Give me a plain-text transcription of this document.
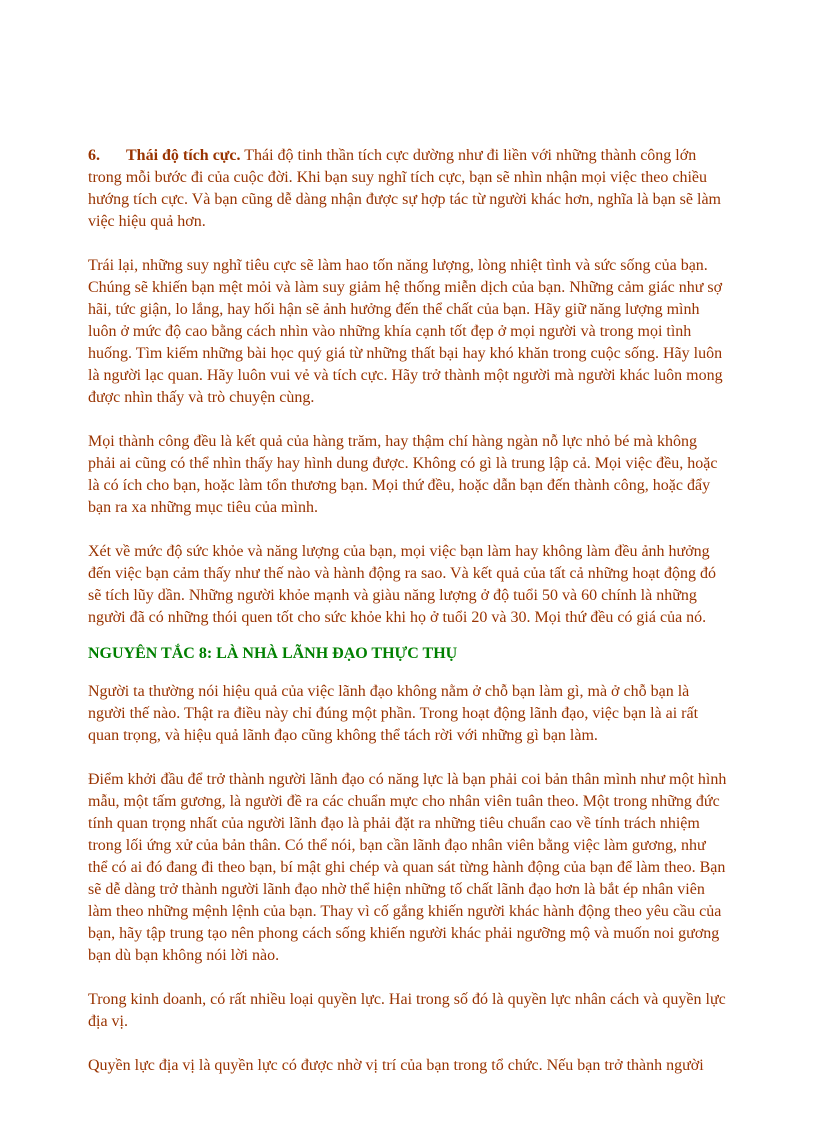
6. Thái độ tích cực. Thái độ tinh thần tích cực dường như đi liền với những thành công lớn trong mỗi bước đi của cuộc đời. Khi bạn suy nghĩ tích cực, bạn sẽ nhìn nhận mọi việc theo chiều hướng tích cực. Và bạn cũng dễ dàng nhận được sự hợp tác từ người khác hơn, nghĩa là bạn sẽ làm việc hiệu quả hơn.

Trái lại, những suy nghĩ tiêu cực sẽ làm hao tốn năng lượng, lòng nhiệt tình và sức sống của bạn. Chúng sẽ khiến bạn mệt mỏi và làm suy giảm hệ thống miễn dịch của bạn. Những cảm giác như sợ hãi, tức giận, lo lắng, hay hối hận sẽ ảnh hưởng đến thể chất của bạn. Hãy giữ năng lượng mình luôn ở mức độ cao bằng cách nhìn vào những khía cạnh tốt đẹp ở mọi người và trong mọi tình huống. Tìm kiếm những bài học quý giá từ những thất bại hay khó khăn trong cuộc sống. Hãy luôn là người lạc quan. Hãy luôn vui vẻ và tích cực. Hãy trở thành một người mà người khác luôn mong được nhìn thấy và trò chuyện cùng.

Mọi thành công đều là kết quả của hàng trăm, hay thậm chí hàng ngàn nỗ lực nhỏ bé mà không phải ai cũng có thể nhìn thấy hay hình dung được. Không có gì là trung lập cả. Mọi việc đều, hoặc là có ích cho bạn, hoặc làm tổn thương bạn. Mọi thứ đều, hoặc dẫn bạn đến thành công, hoặc đẩy bạn ra xa những mục tiêu của mình.

Xét về mức độ sức khỏe và năng lượng của bạn, mọi việc bạn làm hay không làm đều ảnh hưởng đến việc bạn cảm thấy như thế nào và hành động ra sao. Và kết quả của tất cả những hoạt động đó sẽ tích lũy dần. Những người khỏe mạnh và giàu năng lượng ở độ tuổi 50 và 60 chính là những người đã có những thói quen tốt cho sức khỏe khi họ ở tuổi 20 và 30. Mọi thứ đều có giá của nó.

NGUYÊN TẮC 8: LÀ NHÀ LÃNH ĐẠO THỰC THỤ

Người ta thường nói hiệu quả của việc lãnh đạo không nằm ở chỗ bạn làm gì, mà ở chỗ bạn là người thế nào. Thật ra điều này chỉ đúng một phần. Trong hoạt động lãnh đạo, việc bạn là ai rất quan trọng, và hiệu quả lãnh đạo cũng không thể tách rời với những gì bạn làm.

Điểm khởi đầu để trở thành người lãnh đạo có năng lực là bạn phải coi bản thân mình như một hình mẫu, một tấm gương, là người đề ra các chuẩn mực cho nhân viên tuân theo. Một trong những đức tính quan trọng nhất của người lãnh đạo là phải đặt ra những tiêu chuẩn cao về tính trách nhiệm trong lối ứng xử của bản thân. Có thể nói, bạn cần lãnh đạo nhân viên bằng việc làm gương, như thể có ai đó đang đi theo bạn, bí mật ghi chép và quan sát từng hành động của bạn để làm theo. Bạn sẽ dễ dàng trở thành người lãnh đạo nhờ thể hiện những tố chất lãnh đạo hơn là bắt ép nhân viên làm theo những mệnh lệnh của bạn. Thay vì cố gắng khiến người khác hành động theo yêu cầu của bạn, hãy tập trung tạo nên phong cách sống khiến người khác phải ngưỡng mộ và muốn noi gương bạn dù bạn không nói lời nào.

Trong kinh doanh, có rất nhiều loại quyền lực. Hai trong số đó là quyền lực nhân cách và quyền lực địa vị.

Quyền lực địa vị là quyền lực có được nhờ vị trí của bạn trong tổ chức. Nếu bạn trở thành người
